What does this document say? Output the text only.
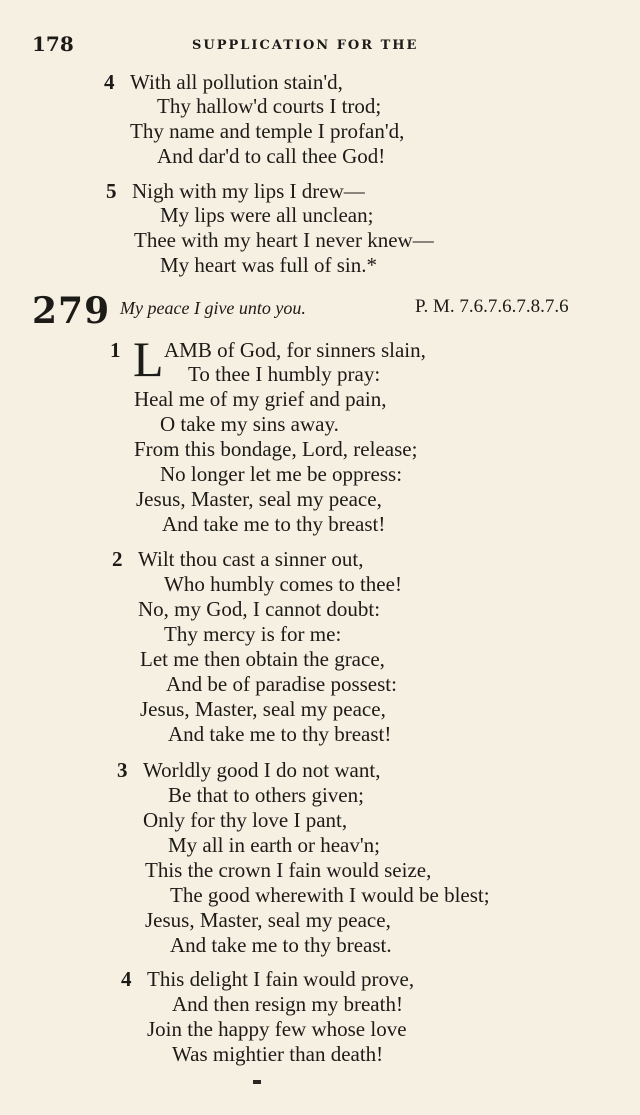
178	SUPPLICATION FOR THE
4 With all pollution stain'd,
Thy hallow'd courts I trod;
Thy name and temple I profan'd,
And dar'd to call thee God!
5 Nigh with my lips I drew—
My lips were all unclean;
Thee with my heart I never knew—
My heart was full of sin.*
279 My peace I give unto you.	P. M. 7.6.7.6.7.8.7.6
1 L AMB of God, for sinners slain,
To thee I humbly pray:
Heal me of my grief and pain,
O take my sins away.
From this bondage, Lord, release;
No longer let me be oppress:
Jesus, Master, seal my peace,
And take me to thy breast!
2 Wilt thou cast a sinner out,
Who humbly comes to thee!
No, my God, I cannot doubt:
Thy mercy is for me:
Let me then obtain the grace,
And be of paradise possest:
Jesus, Master, seal my peace,
And take me to thy breast!
3 Worldly good I do not want,
Be that to others given;
Only for thy love I pant,
My all in earth or heav'n;
This the crown I fain would seize,
The good wherewith I would be blest;
Jesus, Master, seal my peace,
And take me to thy breast.
4 This delight I fain would prove,
And then resign my breath!
Join the happy few whose love
Was mightier than death!
